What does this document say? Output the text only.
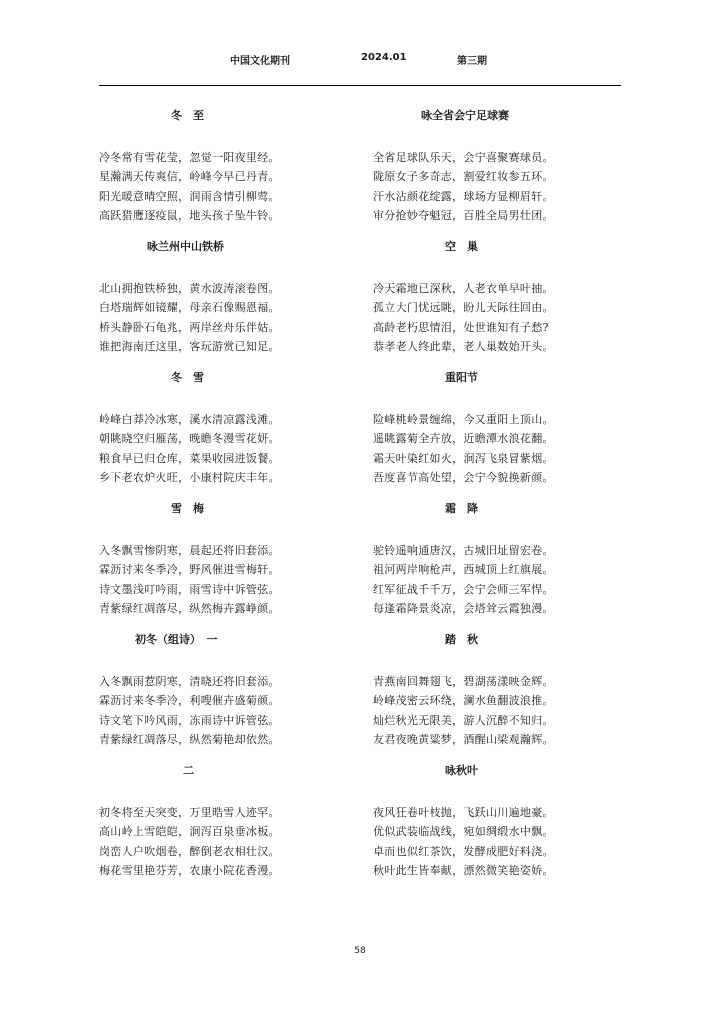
中国文化期刊	2024.01	第三期
冬　至
冷冬常有雪花莹，忽觉一阳夜里经。
星瀚满天传爽信，岭峰今早已丹青。
阳光暖意晴空照，润雨含情引柳莺。
高跃猎鹰逐疫鼠，地头孩子坠牛铃。
咏兰州中山铁桥
北山拥抱铁桥独，黄水波涛滚卷图。
白塔瑞辉如镜耀，母亲石像赐恩福。
桥头静卧石龟兆，两岸丝舟乐伴姑。
谁把海南迁这里，客玩游赏已知足。
冬　雪
岭峰白莽冷冰寒，溪水清凉露浅滩。
朝眺晓空归雁荡，晚瞻冬漫雪花妍。
粮食早已归仓库，菜果收园进饭餐。
乡下老农炉火旺，小康村院庆丰年。
雪　梅
入冬飘雪惨阴寒，晨起还将旧套添。
霖沥讨来冬季冷，野风催进雪梅轩。
诗文墨浅叮吟雨，雨雪诗中诉管弦。
青紫绿红凋落尽，纵然梅卉露峥颜。
初冬（组诗）　一
入冬飘雨惹阴寒，清晓还将旧套添。
霖沥讨来冬季冷，利嗖催卉盛菊颜。
诗文笔下吟风雨，冻雨诗中诉管弦。
青紫绿红凋落尽，纵然菊艳却依然。
二
初冬将至天突变，万里晧雪人迹罕。
高山岭上雪皑皑，涧泻百泉垂冰板。
岗峦人户吹烟卷，醉倒老农相壮汉。
梅花雪里艳芬芳，农康小院花香漫。
咏全省会宁足球赛
全省足球队乐天，会宁喜聚赛球员。
陇原女子多奇志，割爱红妆参五环。
汗水沾颜花绽露，球场方显柳眉轩。
审分抢妙夺魁冠，百胜全局男壮团。
空　巢
冷天霜地已深秋，人老衣单早叶抽。
孤立大门忧远眺，盼儿天际往回由。
高龄老朽思情泪，处世谁知有子愁?
恭孝老人终此辈，老人巢数始开头。
重阳节
险峰桃岭景缠绵，今又重阳上顶山。
遥眺露菊全卉放，近瞻潭水浪花翻。
霜天叶染红如火，涧泻飞泉冒紫烟。
吾度喜节高处望，会宁今貌换新颜。
霜　降
驼铃遥响通唐汉，古城旧址留宏卷。
祖河两岸响枪声，西城顶上红旗展。
红军征战千千万，会宁会师三军悍。
每逢霜降景炎凉，会塔耸云霞独漫。
踏　秋
青燕南回舞翅飞，碧湖荡漾映金辉。
岭峰茂密云环绕，澜水鱼翻波浪推。
灿烂秋光无限美，游人沉醉不知归。
友君夜晚黄粱梦，酒醒山梁观瀚辉。
咏秋叶
夜风狂卷叶枝抛，飞跃山川遍地豪。
优似武装临战线，宛如绸缎水中飘。
卓而也似红茶饮，发酵成肥好料浇。
秋叶此生皆奉献，漂然微笑艳姿娇。
58
